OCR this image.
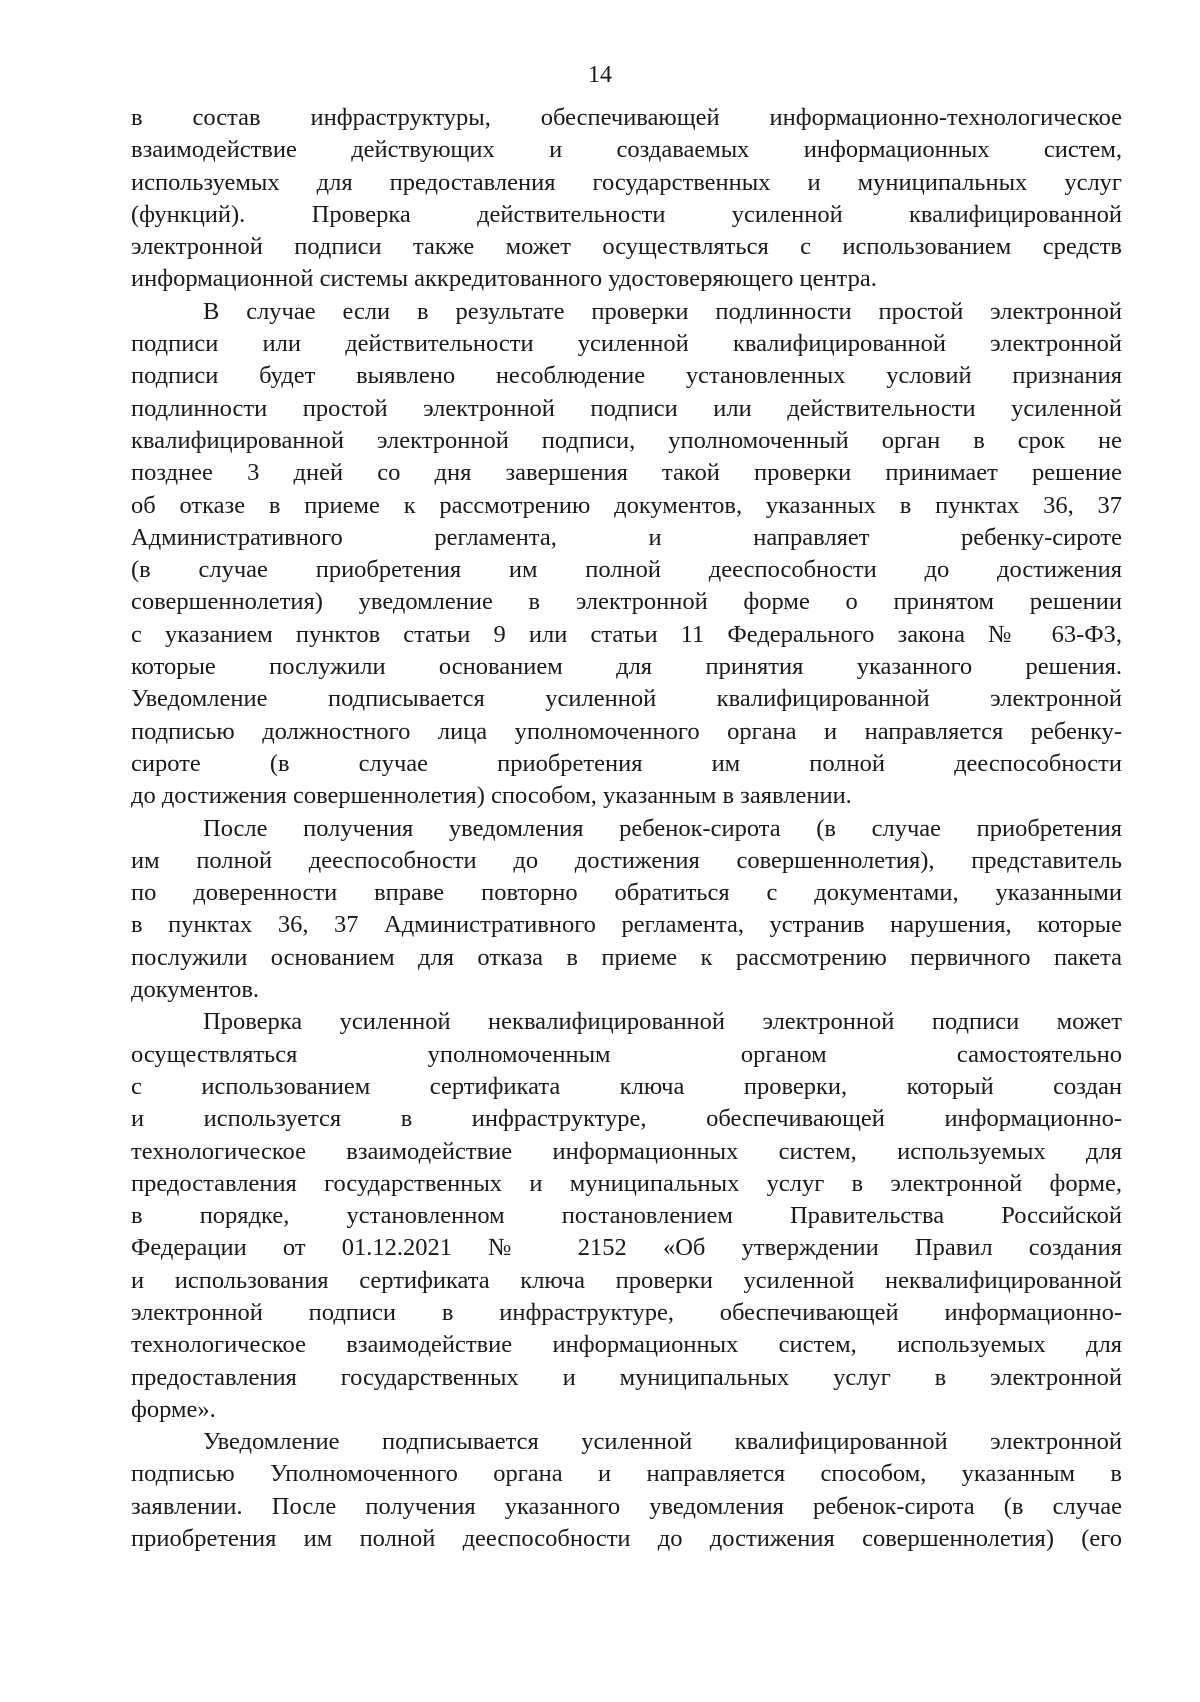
14
в состав инфраструктуры, обеспечивающей информационно-технологическое
взаимодействие действующих и создаваемых информационных систем,
используемых для предоставления государственных и муниципальных услуг
(функций). Проверка действительности усиленной квалифицированной
электронной подписи также может осуществляться с использованием средств
информационной системы аккредитованного удостоверяющего центра.
В случае если в результате проверки подлинности простой электронной
подписи или действительности усиленной квалифицированной электронной
подписи будет выявлено несоблюдение установленных условий признания
подлинности простой электронной подписи или действительности усиленной
квалифицированной электронной подписи, уполномоченный орган в срок не
позднее 3 дней со дня завершения такой проверки принимает решение
об отказе в приеме к рассмотрению документов, указанных в пунктах 36, 37
Административного регламента, и направляет ребенку-сироте
(в случае приобретения им полной дееспособности до достижения
совершеннолетия) уведомление в электронной форме о принятом решении
с указанием пунктов статьи 9 или статьи 11 Федерального закона № 63-ФЗ,
которые послужили основанием для принятия указанного решения.
Уведомление подписывается усиленной квалифицированной электронной
подписью должностного лица уполномоченного органа и направляется ребенку-
сироте (в случае приобретения им полной дееспособности
до достижения совершеннолетия) способом, указанным в заявлении.
После получения уведомления ребенок-сирота (в случае приобретения
им полной дееспособности до достижения совершеннолетия), представитель
по доверенности вправе повторно обратиться с документами, указанными
в пунктах 36, 37 Административного регламента, устранив нарушения, которые
послужили основанием для отказа в приеме к рассмотрению первичного пакета
документов.
Проверка усиленной неквалифицированной электронной подписи может
осуществляться уполномоченным органом самостоятельно
с использованием сертификата ключа проверки, который создан
и используется в инфраструктуре, обеспечивающей информационно-
технологическое взаимодействие информационных систем, используемых для
предоставления государственных и муниципальных услуг в электронной форме,
в порядке, установленном постановлением Правительства Российской
Федерации от 01.12.2021 № 2152 «Об утверждении Правил создания
и использования сертификата ключа проверки усиленной неквалифицированной
электронной подписи в инфраструктуре, обеспечивающей информационно-
технологическое взаимодействие информационных систем, используемых для
предоставления государственных и муниципальных услуг в электронной
форме».
Уведомление подписывается усиленной квалифицированной электронной
подписью Уполномоченного органа и направляется способом, указанным в
заявлении. После получения указанного уведомления ребенок-сирота (в случае
приобретения им полной дееспособности до достижения совершеннолетия) (его
